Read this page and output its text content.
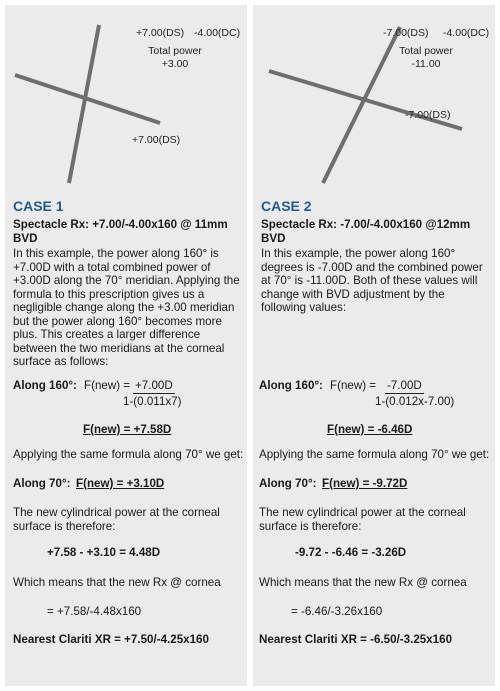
+7.00(DS) -4.00(DC)
Total power
+3.00
+7.00(DS)
CASE 1
Spectacle Rx: +7.00/-4.00x160 @ 11mm BVD
In this example, the power along 160° is +7.00D with a total combined power of +3.00D along the 70° meridian. Applying the formula to this prescription gives us a negligible change along the +3.00 meridian but the power along 160° becomes more plus. This creates a larger difference between the two meridians at the corneal surface as follows:
Along 160°: F(new) = +7.00D
1-(0.011x7)
F(new) = +7.58D
Applying the same formula along 70° we get:
Along 70°: F(new) = +3.10D
The new cylindrical power at the corneal surface is therefore:
+7.58 - +3.10 = 4.48D
Which means that the new Rx @ cornea
= +7.58/-4.48x160
Nearest Clariti XR = +7.50/-4.25x160
-7.00(DS) -4.00(DC)
Total power
-11.00
-7.00(DS)
CASE 2
Spectacle Rx: -7.00/-4.00x160 @12mm BVD
In this example, the power along 160° degrees is -7.00D and the combined power at 70° is -11.00D. Both of these values will change with BVD adjustment by the following values:
Along 160°: F(new) = -7.00D
1-(0.012x-7.00)
F(new) = -6.46D
Applying the same formula along 70° we get:
Along 70°: F(new) = -9.72D
The new cylindrical power at the corneal surface is therefore:
-9.72 - -6.46 = -3.26D
Which means that the new Rx @ cornea
= -6.46/-3.26x160
Nearest Clariti XR = -6.50/-3.25x160
